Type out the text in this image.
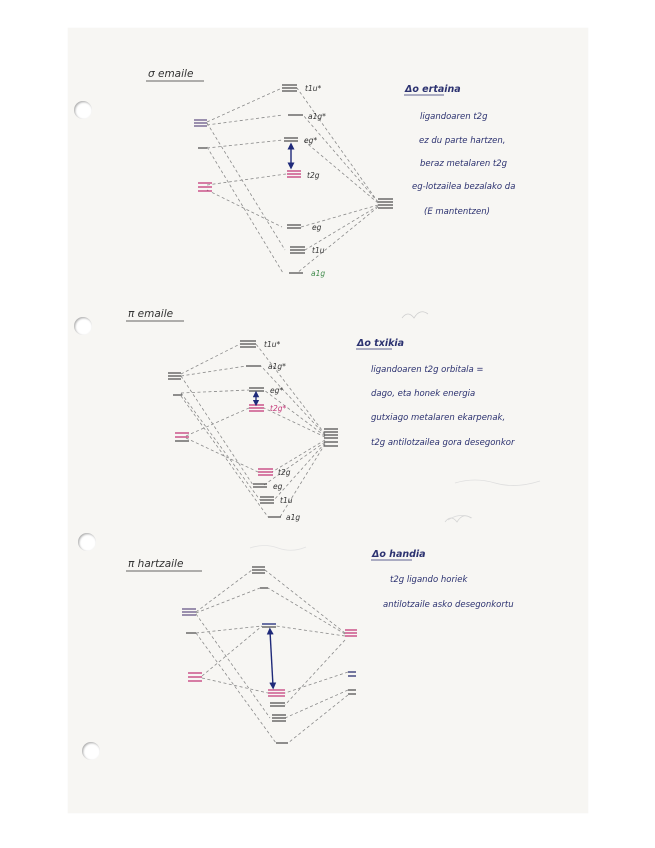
σ emaile
t1u*
a1g*
eg*
t2g
eg
t1u
a1g
Δo ertaina
ligandoaren t2g
ez du parte hartzen,
beraz metalaren t2g
eg-lotzailea bezalako da
(E mantentzen)
π emaile
t1u*
a1g*
eg*
t2g*
t2g
eg
t1u
a1g
Δo txikia
ligandoaren t2g orbitala =
dago, eta honek energia
gutxiago metalaren ekarpenak,
t2g antilotzailea gora desegonkor
π hartzaile
Δo handia
t2g ligando horiek
antilotzaile asko desegonkortu
